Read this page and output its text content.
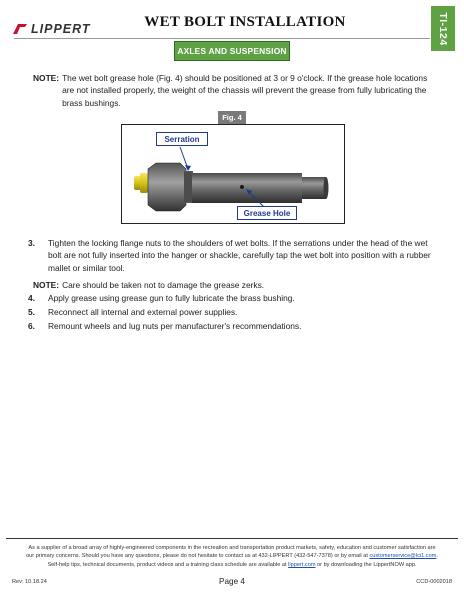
LIPPERT	WET BOLT INSTALLATION	TI-124
AXLES AND SUSPENSION
NOTE: The wet bolt grease hole (Fig. 4) should be positioned at 3 or 9 o'clock. If the grease hole locations are not installed properly, the weight of the chassis will prevent the grease from fully lubricating the brass bushings.
Fig. 4
Serration
Grease Hole
3.	Tighten the locking flange nuts to the shoulders of wet bolts. If the serrations under the head of the wet bolt are not fully inserted into the hanger or shackle, carefully tap the wet bolt into position with a rubber mallet or similar tool.
NOTE: Care should be taken not to damage the grease zerks.
4.	Apply grease using grease gun to fully lubricate the brass bushing.
5.	Reconnect all internal and external power supplies.
6.	Remount wheels and lug nuts per manufacturer's recommendations.
As a supplier of a broad array of highly-engineered components in the recreation and transportation product markets, safety, education and customer satisfaction are
our primary concerns. Should you have any questions, please do not hesitate to contact us at 432-LIPPERT (432-547-7378) or by email at customerservice@lci1.com.
Self-help tips, technical documents, product videos and a training class schedule are available at lippert.com or by downloading the LippertNOW app.
Rev: 10.18.24	Page 4	CCD-0002018
